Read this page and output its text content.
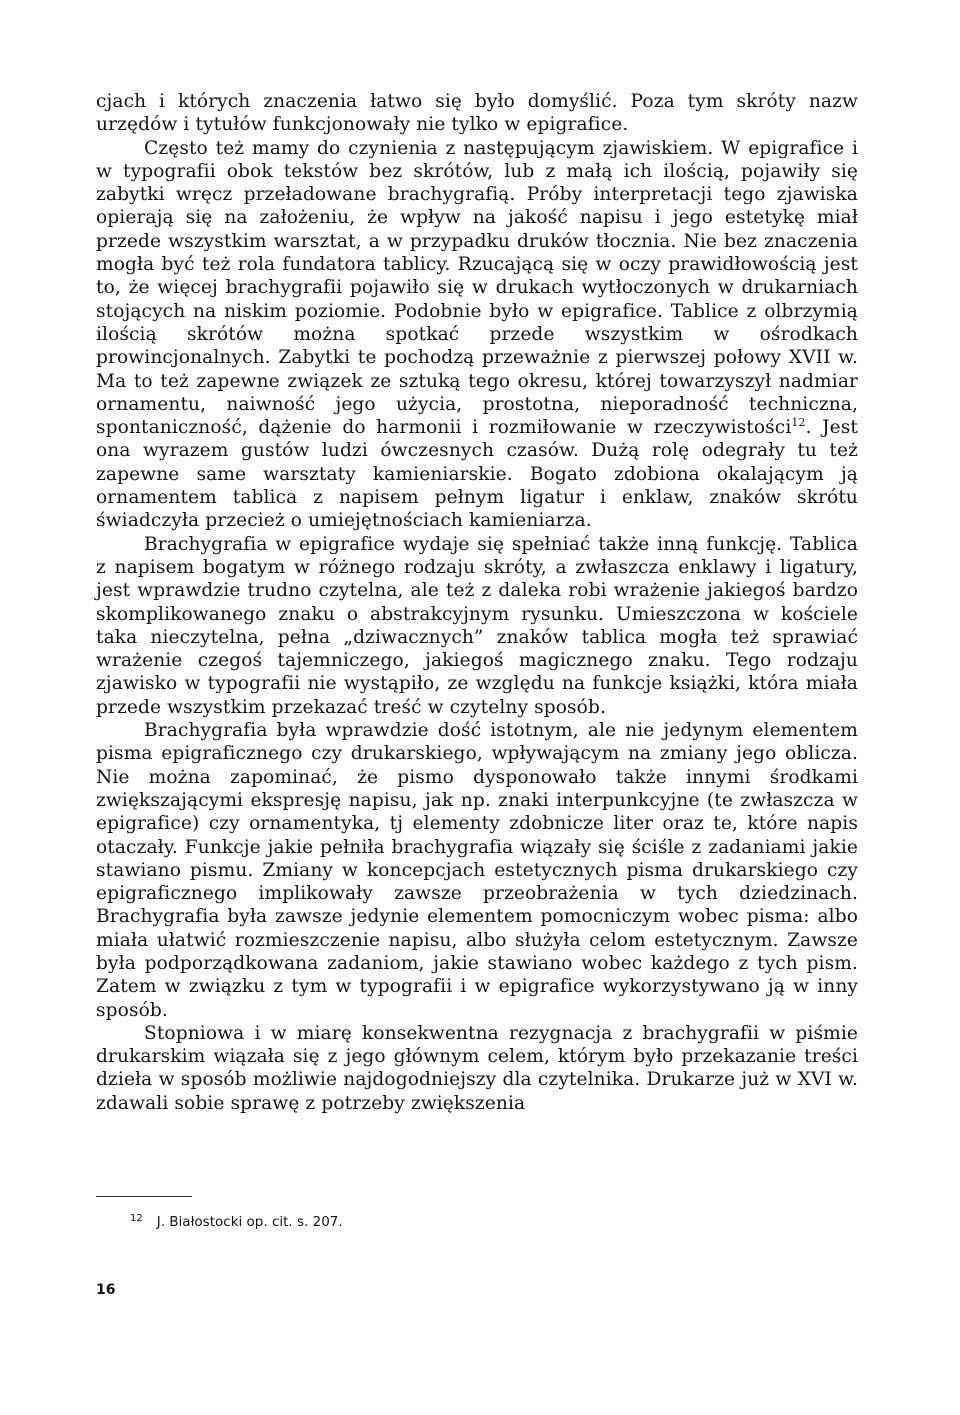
cjach i których znaczenia łatwo się było domyślić. Poza tym skróty nazw urzędów i tytułów funkcjonowały nie tylko w epigrafice.

Często też mamy do czynienia z następującym zjawiskiem. W epigrafice i w typografii obok tekstów bez skrótów, lub z małą ich ilością, pojawiły się zabytki wręcz przeładowane brachygrafią. Próby interpretacji tego zjawiska opierają się na założeniu, że wpływ na jakość napisu i jego estetykę miał przede wszystkim warsztat, a w przypadku druków tłocznia. Nie bez znaczenia mogła być też rola fundatora tablicy. Rzucającą się w oczy prawidłowością jest to, że więcej brachygrafii pojawiło się w drukach wytłoczonych w drukarniach stojących na niskim poziomie. Podobnie było w epigrafice. Tablice z olbrzymią ilością skrótów można spotkać przede wszystkim w ośrodkach prowincjonalnych. Zabytki te pochodzą przeważnie z pierwszej połowy XVII w. Ma to też zapewne związek ze sztuką tego okresu, której towarzyszył nadmiar ornamentu, naiwność jego użycia, prostotna, nieporadność techniczna, spontaniczność, dążenie do harmonii i rozmiłowanie w rzeczywistości$^{12}$. Jest ona wyrazem gustów ludzi ówczesnych czasów. Dużą rolę odegrały tu też zapewne same warsztaty kamieniarskie. Bogato zdobiona okalającym ją ornamentem tablica z napisem pełnym ligatur i enklaw, znaków skrótu świadczyła przecież o umiejętnościach kamieniarza.

Brachygrafia w epigrafice wydaje się spełniać także inną funkcję. Tablica z napisem bogatym w różnego rodzaju skróty, a zwłaszcza enklawy i ligatury, jest wprawdzie trudno czytelna, ale też z daleka robi wrażenie jakiegoś bardzo skomplikowanego znaku o abstrakcyjnym rysunku. Umieszczona w kościele taka nieczytelna, pełna „dziwacznych” znaków tablica mogła też sprawiać wrażenie czegoś tajemniczego, jakiegoś magicznego znaku. Tego rodzaju zjawisko w typografii nie wystąpiło, ze względu na funkcje książki, która miała przede wszystkim przekazać treść w czytelny sposób.

Brachygrafia była wprawdzie dość istotnym, ale nie jedynym elementem pisma epigraficznego czy drukarskiego, wpływającym na zmiany jego oblicza. Nie można zapominać, że pismo dysponowało także innymi środkami zwiększającymi ekspresję napisu, jak np. znaki interpunkcyjne (te zwłaszcza w epigrafice) czy ornamentyka, tj elementy zdobnicze liter oraz te, które napis otaczały. Funkcje jakie pełniła brachygrafia wiązały się ściśle z zadaniami jakie stawiano pismu. Zmiany w koncepcjach estetycznych pisma drukarskiego czy epigraficznego implikowały zawsze przeobrażenia w tych dziedzinach. Brachygrafia była zawsze jedynie elementem pomocniczym wobec pisma: albo miała ułatwić rozmieszczenie napisu, albo służyła celom estetycznym. Zawsze była podporządkowana zadaniom, jakie stawiano wobec każdego z tych pism. Zatem w związku z tym w typografii i w epigrafice wykorzystywano ją w inny sposób.

Stopniowa i w miarę konsekwentna rezygnacja z brachygrafii w piśmie drukarskim wiązała się z jego głównym celem, którym było przekazanie treści dzieła w sposób możliwie najdogodniejszy dla czytelnika. Drukarze już w XVI w. zdawali sobie sprawę z potrzeby zwiększenia

$^{12}$ J. Białostocki op. cit. s. 207.
16
